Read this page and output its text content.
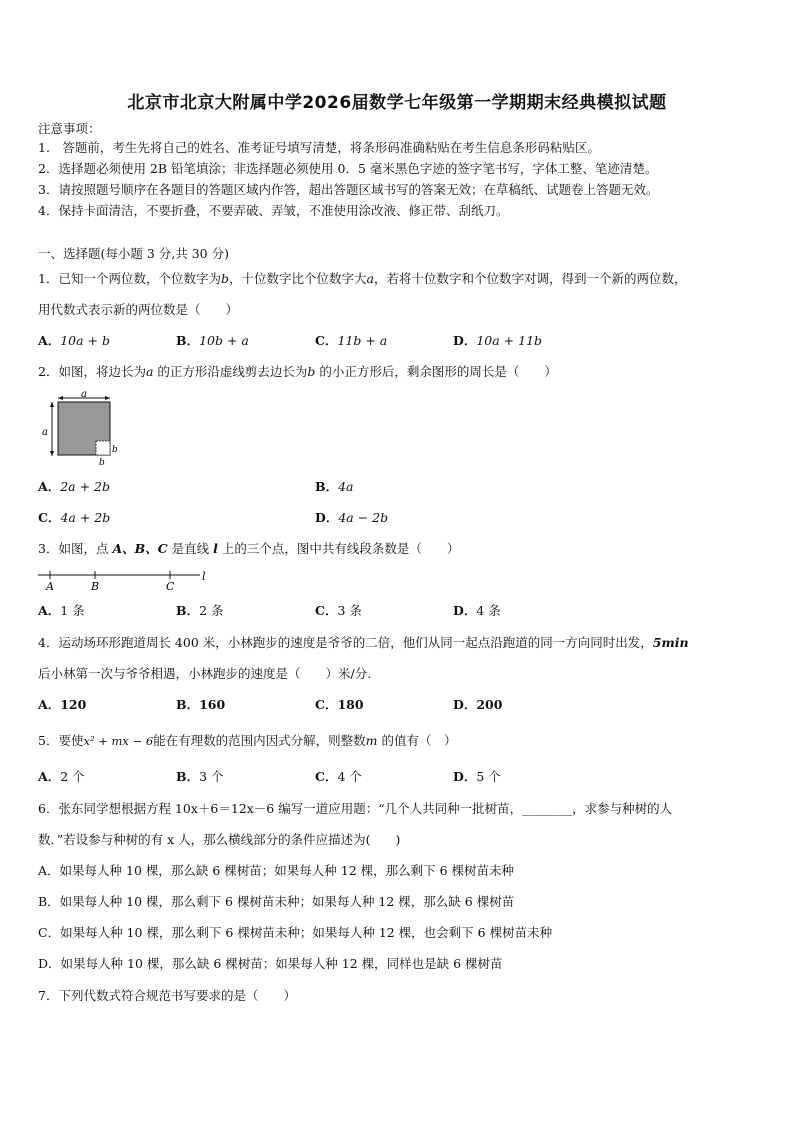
北京市北京大附属中学2026届数学七年级第一学期期末经典模拟试题
注意事项：
1.　答题前，考生先将自己的姓名、准考证号填写清楚，将条形码准确粘贴在考生信息条形码粘贴区。
2．选择题必须使用 2B 铅笔填涂；非选择题必须使用 0．5 毫米黑色字迹的签字笔书写，字体工整、笔迹清楚。
3．请按照题号顺序在各题目的答题区域内作答，超出答题区域书写的答案无效；在草稿纸、试题卷上答题无效。
4．保持卡面清洁，不要折叠，不要弄破、弄皱，不准使用涂改液、修正带、刮纸刀。
一、选择题(每小题 3 分,共 30 分)
1．已知一个两位数，个位数字为b，十位数字比个位数字大a，若将十位数字和个位数字对调，得到一个新的两位数，
用代数式表示新的两位数是（　　）
A．10a + b	B．10b + a	C．11b + a	D．10a + 11b
2．如图，将边长为a 的正方形沿虚线剪去边长为b 的小正方形后，剩余图形的周长是（　　）
a
a
b
b
A．2a + 2b	B．4a
C．4a + 2b	D．4a − 2b
3．如图，点 A、B、C 是直线 l 上的三个点，图中共有线段条数是（　　）
A	B	C
l
A．1 条	B．2 条	C．3 条	D．4 条
4．运动场环形跑道周长 400 米，小林跑步的速度是爷爷的二倍，他们从同一起点沿跑道的同一方向同时出发，5min
后小林第一次与爷爷相遇，小林跑步的速度是（　　）米/分.
A．120	B．160	C．180	D．200
5．要使x² + mx − 6能在有理数的范围内因式分解，则整数m 的值有（　）
A．2 个	B．3 个	C．4 个	D．5 个
6．张东同学想根据方程 10x＋6＝12x－6 编写一道应用题：“几个人共同种一批树苗，________，求参与种树的人
数．”若设参与种树的有 x 人，那么横线部分的条件应描述为(　　)
A．如果每人种 10 棵，那么缺 6 棵树苗；如果每人种 12 棵，那么剩下 6 棵树苗未种
B．如果每人种 10 棵，那么剩下 6 棵树苗未种；如果每人种 12 棵，那么缺 6 棵树苗
C．如果每人种 10 棵，那么剩下 6 棵树苗未种；如果每人种 12 棵，也会剩下 6 棵树苗未种
D．如果每人种 10 棵，那么缺 6 棵树苗；如果每人种 12 棵，同样也是缺 6 棵树苗
7．下列代数式符合规范书写要求的是（　　）
